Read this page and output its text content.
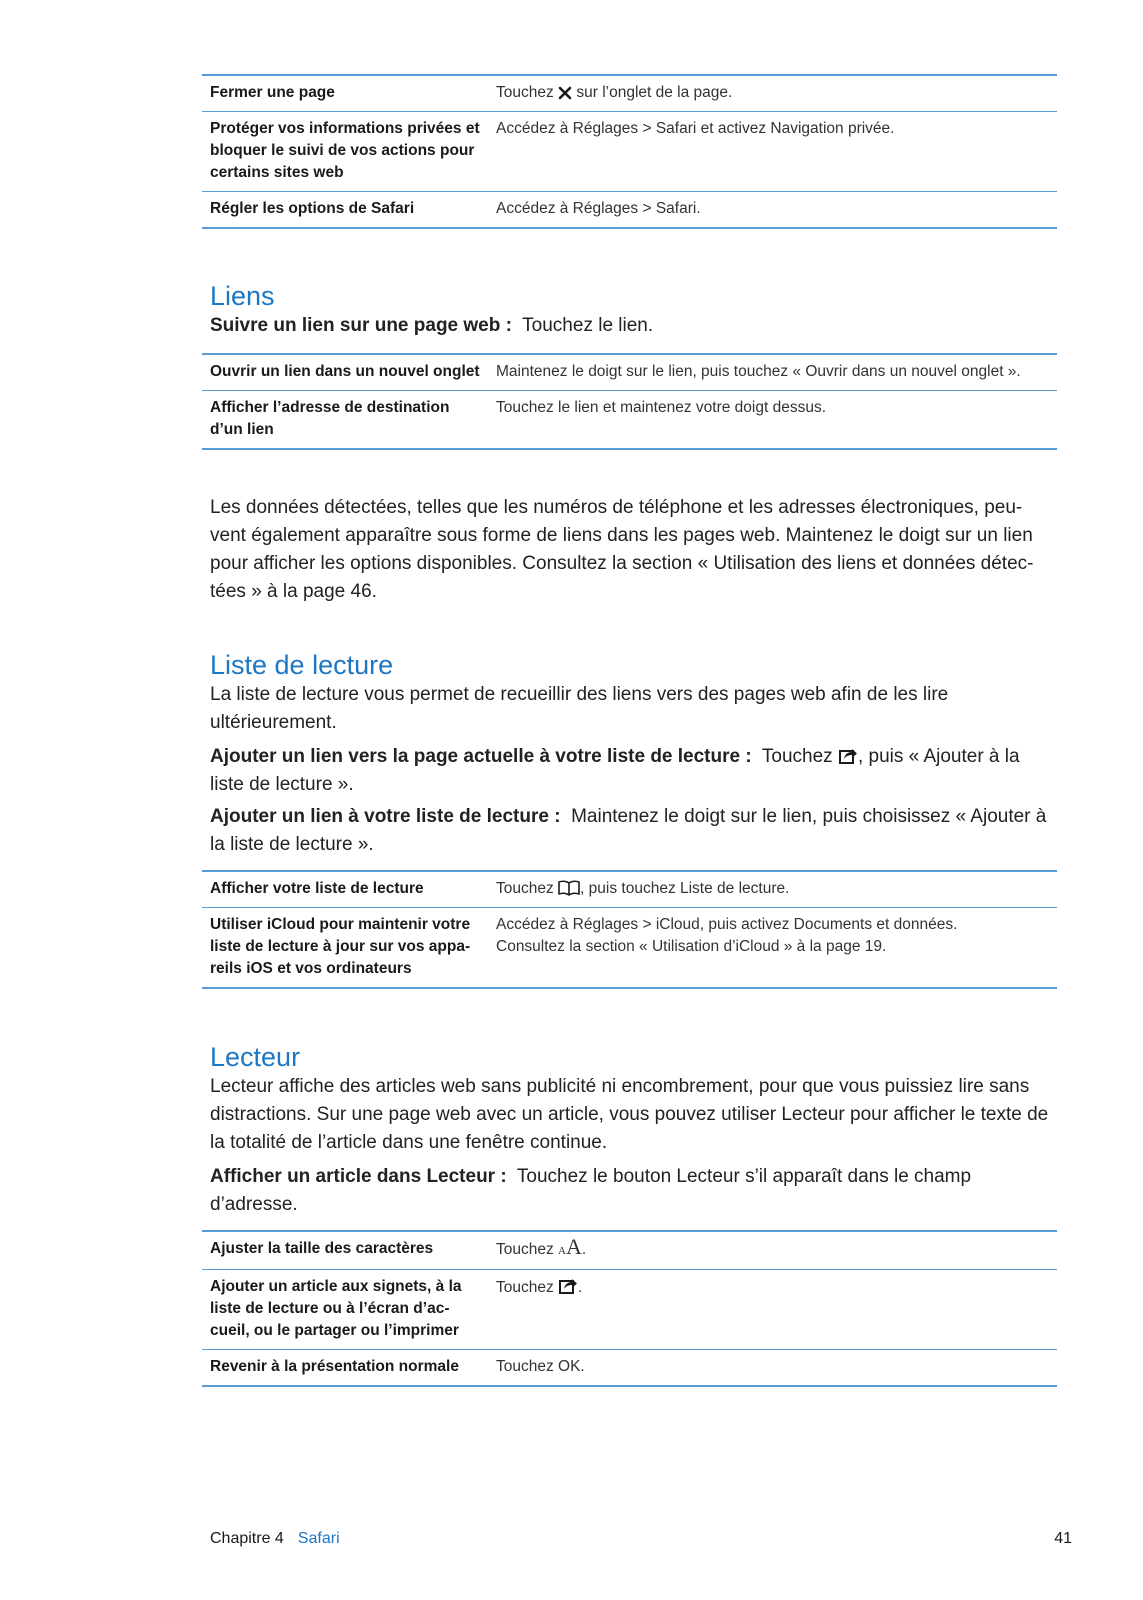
Fermer une page	Touchez  sur l’onglet de la page.
Protéger vos informations privées et bloquer le suivi de vos actions pour certains sites web	Accédez à Réglages > Safari et activez Navigation privée.
Régler les options de Safari	Accédez à Réglages > Safari.
Liens

Suivre un lien sur une page web : Touchez le lien.

Ouvrir un lien dans un nouvel onglet	Maintenez le doigt sur le lien, puis touchez « Ouvrir dans un nouvel onglet ».
Afficher l’adresse de destination d’un lien	Touchez le lien et maintenez votre doigt dessus.

Les données détectées, telles que les numéros de téléphone et les adresses électroniques, peu-vent également apparaître sous forme de liens dans les pages web. Maintenez le doigt sur un lien pour afficher les options disponibles. Consultez la section « Utilisation des liens et données détec-tées » à la page 46.

Liste de lecture

La liste de lecture vous permet de recueillir des liens vers des pages web afin de les lire ultérieurement.

Ajouter un lien vers la page actuelle à votre liste de lecture : Touchez , puis « Ajouter à la liste de lecture ».

Ajouter un lien à votre liste de lecture : Maintenez le doigt sur le lien, puis choisissez « Ajouter à la liste de lecture ».

Afficher votre liste de lecture	Touchez , puis touchez Liste de lecture.
Utiliser iCloud pour maintenir votre liste de lecture à jour sur vos appa-reils iOS et vos ordinateurs	Accédez à Réglages > iCloud, puis activez Documents et données.
Consultez la section « Utilisation d’iCloud » à la page 19.
Lecteur

Lecteur affiche des articles web sans publicité ni encombrement, pour que vous puissiez lire sans distractions. Sur une page web avec un article, vous pouvez utiliser Lecteur pour afficher le texte de la totalité de l’article dans une fenêtre continue.

Afficher un article dans Lecteur : Touchez le bouton Lecteur s’il apparaît dans le champ d’adresse.

Ajuster la taille des caractères	Touchez AA.
Ajouter un article aux signets, à la liste de lecture ou à l’écran d’ac-cueil, ou le partager ou l’imprimer	Touchez .
Revenir à la présentation normale	Touchez OK.
Chapitre 4 Safari	41
